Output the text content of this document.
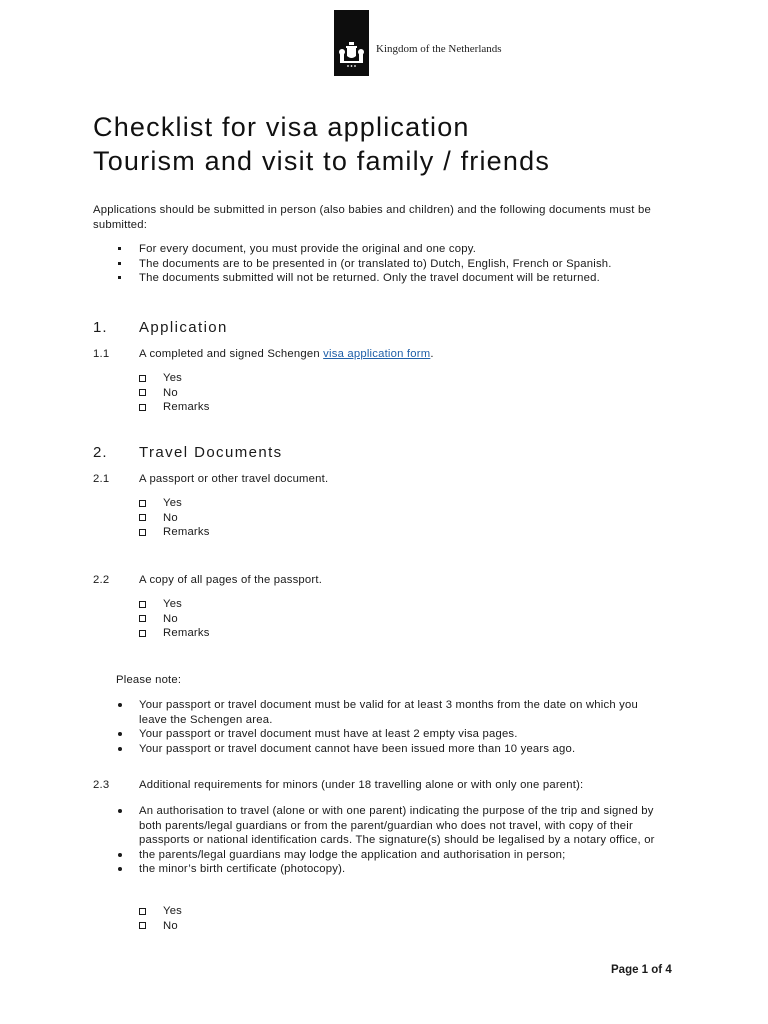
Kingdom of the Netherlands
Checklist for visa application
Tourism and visit to family / friends
Applications should be submitted in person (also babies and children) and the following documents must be submitted:
For every document, you must provide the original and one copy.
The documents are to be presented in (or translated to) Dutch, English, French or Spanish.
The documents submitted will not be returned. Only the travel document will be returned.
1. Application
1.1	A completed and signed Schengen visa application form.
Yes
No
Remarks
2. Travel Documents
2.1	A passport or other travel document.
Yes
No
Remarks
2.2	A copy of all pages of the passport.
Yes
No
Remarks
Please note:
Your passport or travel document must be valid for at least 3 months from the date on which you leave the Schengen area.
Your passport or travel document must have at least 2 empty visa pages.
Your passport or travel document cannot have been issued more than 10 years ago.
2.3	Additional requirements for minors (under 18 travelling alone or with only one parent):
An authorisation to travel (alone or with one parent) indicating the purpose of the trip and signed by both parents/legal guardians or from the parent/guardian who does not travel, with copy of their passports or national identification cards. The signature(s) should be legalised by a notary office, or
the parents/legal guardians may lodge the application and authorisation in person;
the minor’s birth certificate (photocopy).
Yes
No
Page 1 of 4
